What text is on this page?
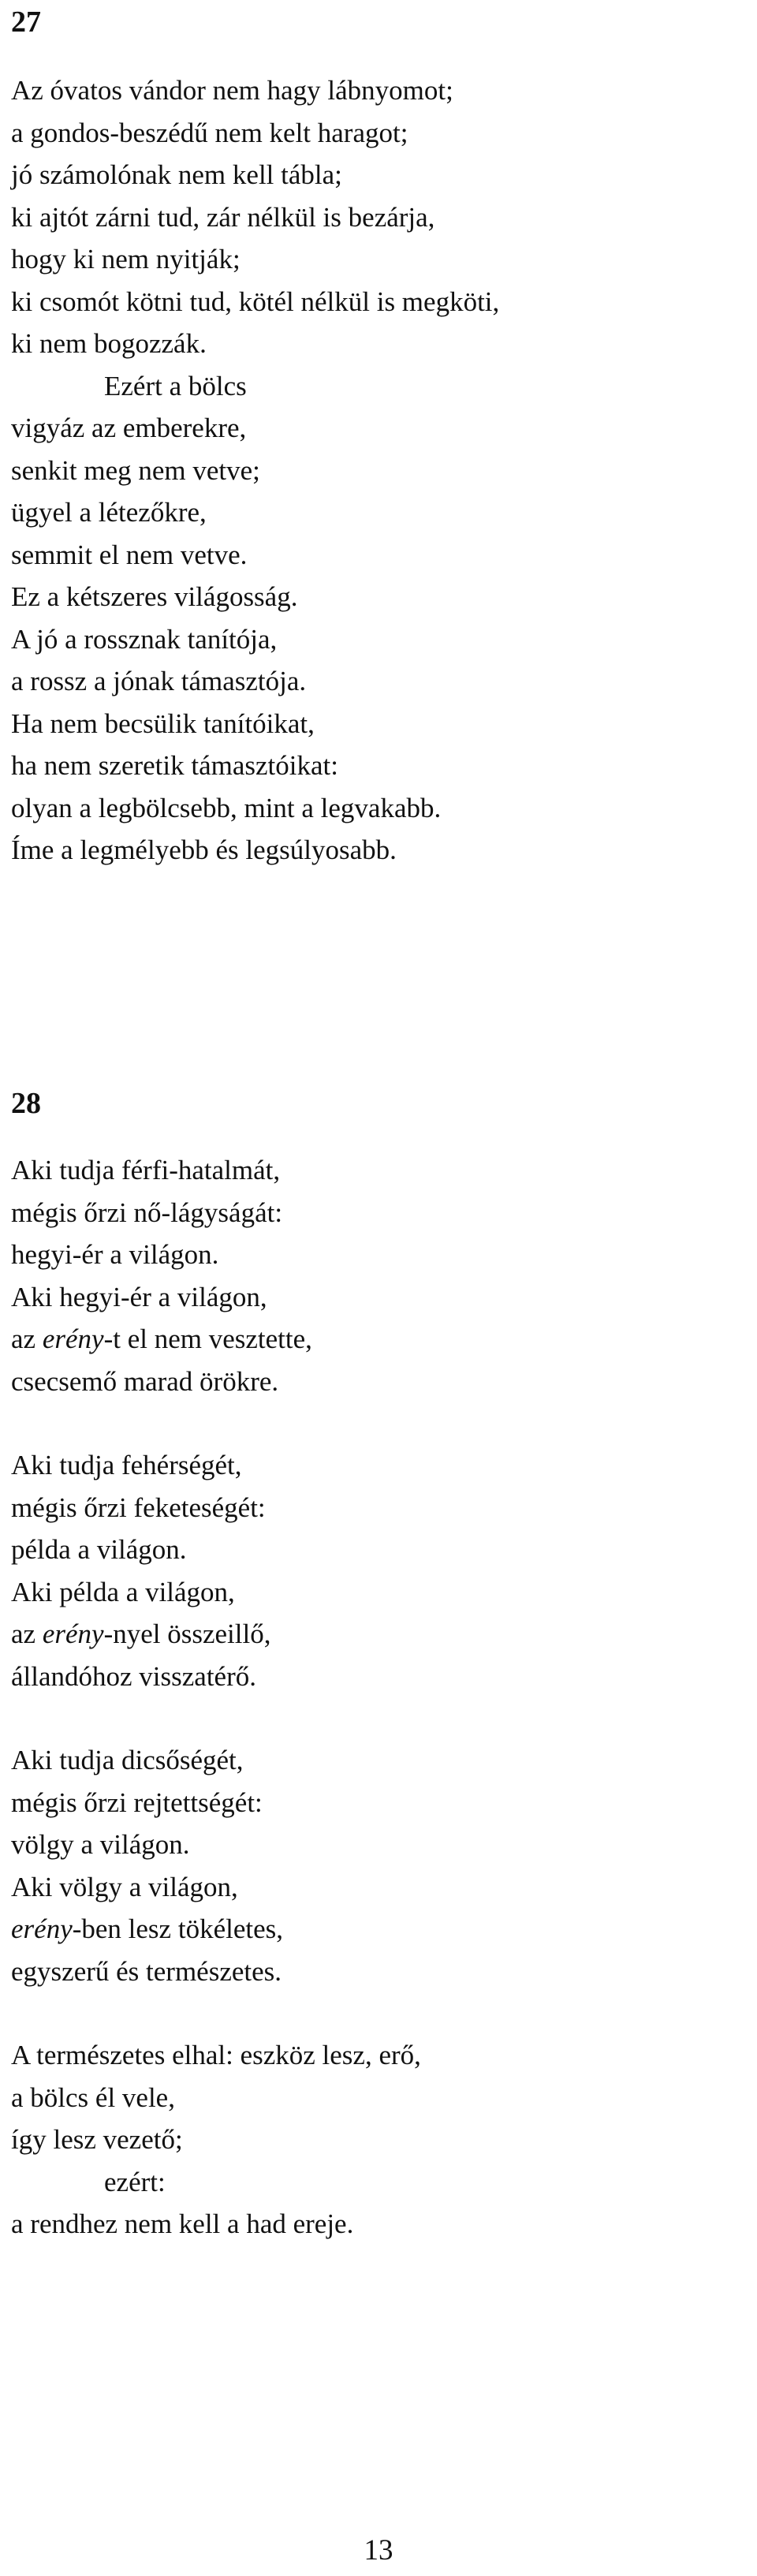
27
Az óvatos vándor nem hagy lábnyomot;
a gondos-beszédű nem kelt haragot;
jó számolónak nem kell tábla;
ki ajtót zárni tud, zár nélkül is bezárja,
hogy ki nem nyitják;
ki csomót kötni tud, kötél nélkül is megköti,
ki nem bogozzák.
Ezért a bölcs
vigyáz az emberekre,
senkit meg nem vetve;
ügyel a létezőkre,
semmit el nem vetve.
Ez a kétszeres világosság.
A jó a rossznak tanítója,
a rossz a jónak támasztója.
Ha nem becsülik tanítóikat,
ha nem szeretik támasztóikat:
olyan a legbölcsebb, mint a legvakabb.
Íme a legmélyebb és legsúlyosabb.
28
Aki tudja férfi-hatalmát,
mégis őrzi nő-lágyságát:
hegyi-ér a világon.
Aki hegyi-ér a világon,
az erény-t el nem vesztette,
csecsemő marad örökre.
Aki tudja fehérségét,
mégis őrzi feketeségét:
példa a világon.
Aki példa a világon,
az erény-nyel összeillő,
állandóhoz visszatérő.
Aki tudja dicsőségét,
mégis őrzi rejtettségét:
völgy a világon.
Aki völgy a világon,
erény-ben lesz tökéletes,
egyszerű és természetes.
A természetes elhal: eszköz lesz, erő,
a bölcs él vele,
így lesz vezető;
ezért:
a rendhez nem kell a had ereje.
13
